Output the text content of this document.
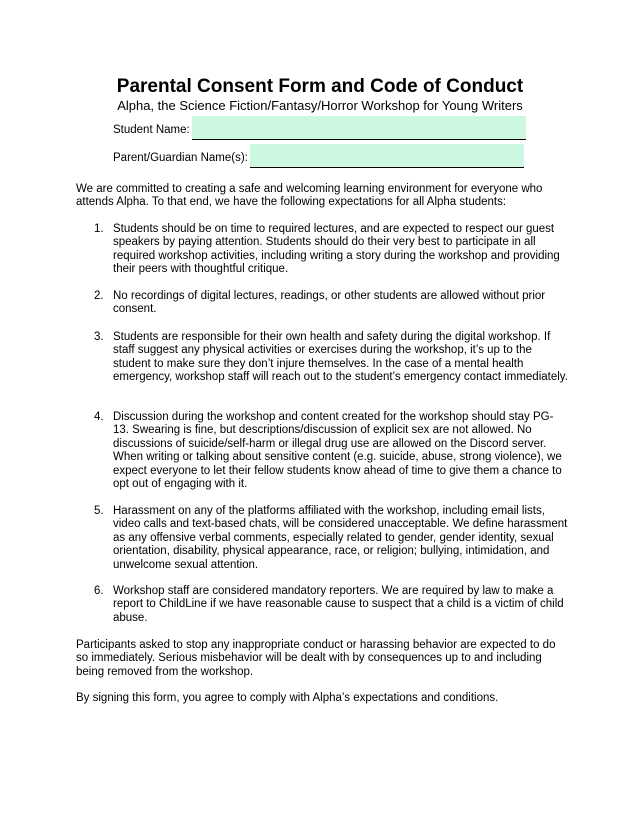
Parental Consent Form and Code of Conduct

Alpha, the Science Fiction/Fantasy/Horror Workshop for Young Writers

Student Name:
Parent/Guardian Name(s):

We are committed to creating a safe and welcoming learning environment for everyone who attends Alpha. To that end, we have the following expectations for all Alpha students:

1. Students should be on time to required lectures, and are expected to respect our guest speakers by paying attention. Students should do their very best to participate in all required workshop activities, including writing a story during the workshop and providing their peers with thoughtful critique.
2. No recordings of digital lectures, readings, or other students are allowed without prior consent.
3. Students are responsible for their own health and safety during the digital workshop. If staff suggest any physical activities or exercises during the workshop, it’s up to the student to make sure they don’t injure themselves. In the case of a mental health emergency, workshop staff will reach out to the student’s emergency contact immediately.
4. Discussion during the workshop and content created for the workshop should stay PG-13. Swearing is fine, but descriptions/discussion of explicit sex are not allowed. No discussions of suicide/self-harm or illegal drug use are allowed on the Discord server. When writing or talking about sensitive content (e.g. suicide, abuse, strong violence), we expect everyone to let their fellow students know ahead of time to give them a chance to opt out of engaging with it.
5. Harassment on any of the platforms affiliated with the workshop, including email lists, video calls and text-based chats, will be considered unacceptable. We define harassment as any offensive verbal comments, especially related to gender, gender identity, sexual orientation, disability, physical appearance, race, or religion; bullying, intimidation, and unwelcome sexual attention.
6. Workshop staff are considered mandatory reporters. We are required by law to make a report to ChildLine if we have reasonable cause to suspect that a child is a victim of child abuse.

Participants asked to stop any inappropriate conduct or harassing behavior are expected to do so immediately. Serious misbehavior will be dealt with by consequences up to and including being removed from the workshop.

By signing this form, you agree to comply with Alpha’s expectations and conditions.
